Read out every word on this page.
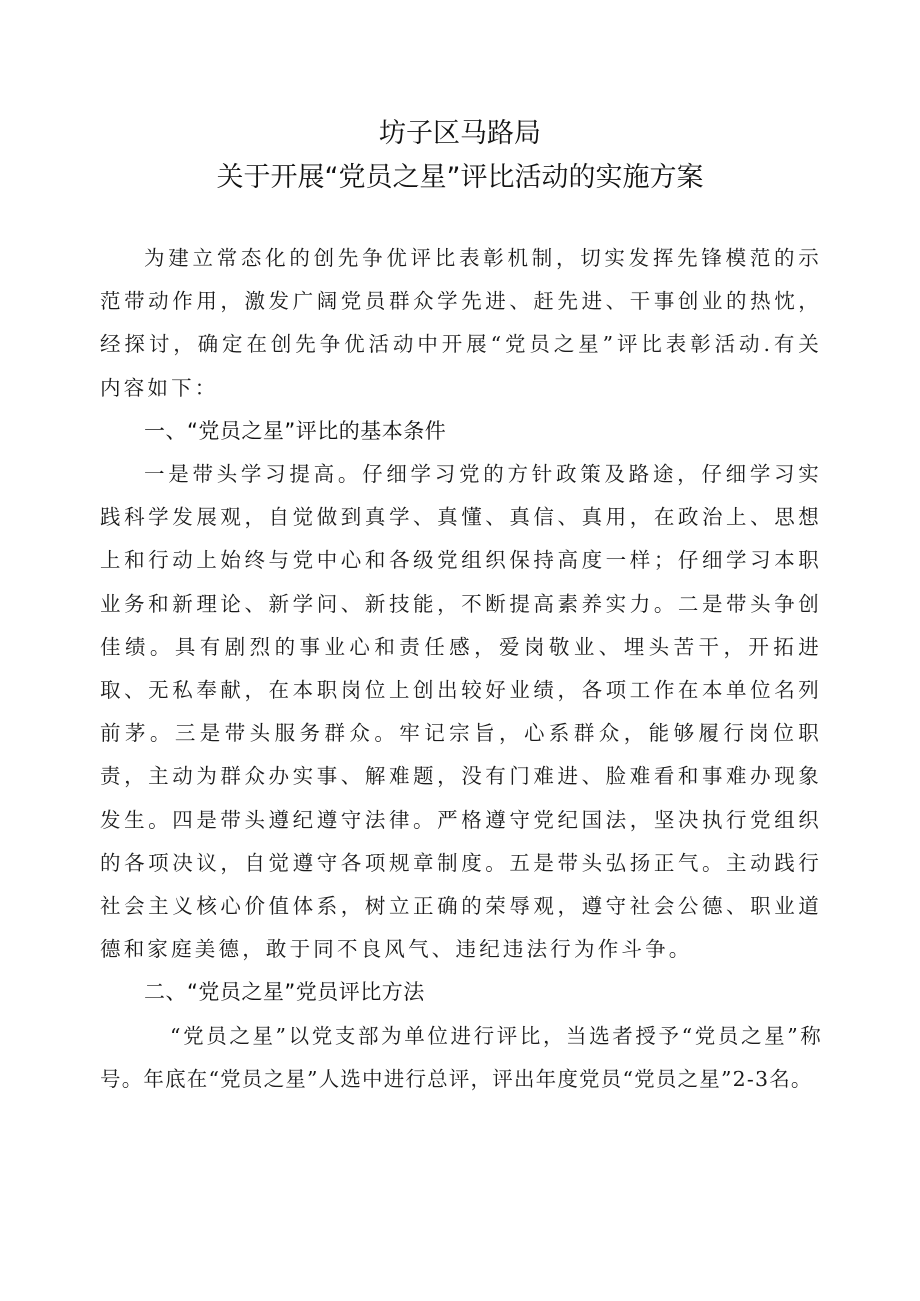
坊子区马路局
关于开展“党员之星”评比活动的实施方案

为建立常态化的创先争优评比表彰机制，切实发挥先锋模范的示范带动作用，激发广阔党员群众学先进、赶先进、干事创业的热忱，经探讨，确定在创先争优活动中开展“党员之星”评比表彰活动.有关内容如下：

一、“党员之星”评比的基本条件

一是带头学习提高。仔细学习党的方针政策及路途，仔细学习实践科学发展观，自觉做到真学、真懂、真信、真用，在政治上、思想上和行动上始终与党中心和各级党组织保持高度一样；仔细学习本职业务和新理论、新学问、新技能，不断提高素养实力。二是带头争创佳绩。具有剧烈的事业心和责任感，爱岗敬业、埋头苦干，开拓进取、无私奉献，在本职岗位上创出较好业绩，各项工作在本单位名列前茅。三是带头服务群众。牢记宗旨，心系群众，能够履行岗位职责，主动为群众办实事、解难题，没有门难进、脸难看和事难办现象发生。四是带头遵纪遵守法律。严格遵守党纪国法，坚决执行党组织的各项决议，自觉遵守各项规章制度。五是带头弘扬正气。主动践行社会主义核心价值体系，树立正确的荣辱观，遵守社会公德、职业道德和家庭美德，敢于同不良风气、违纪违法行为作斗争。

二、“党员之星”党员评比方法

“党员之星”以党支部为单位进行评比，当选者授予“党员之星”称号。年底在“党员之星”人选中进行总评，评出年度党员“党员之星”2-3名。
